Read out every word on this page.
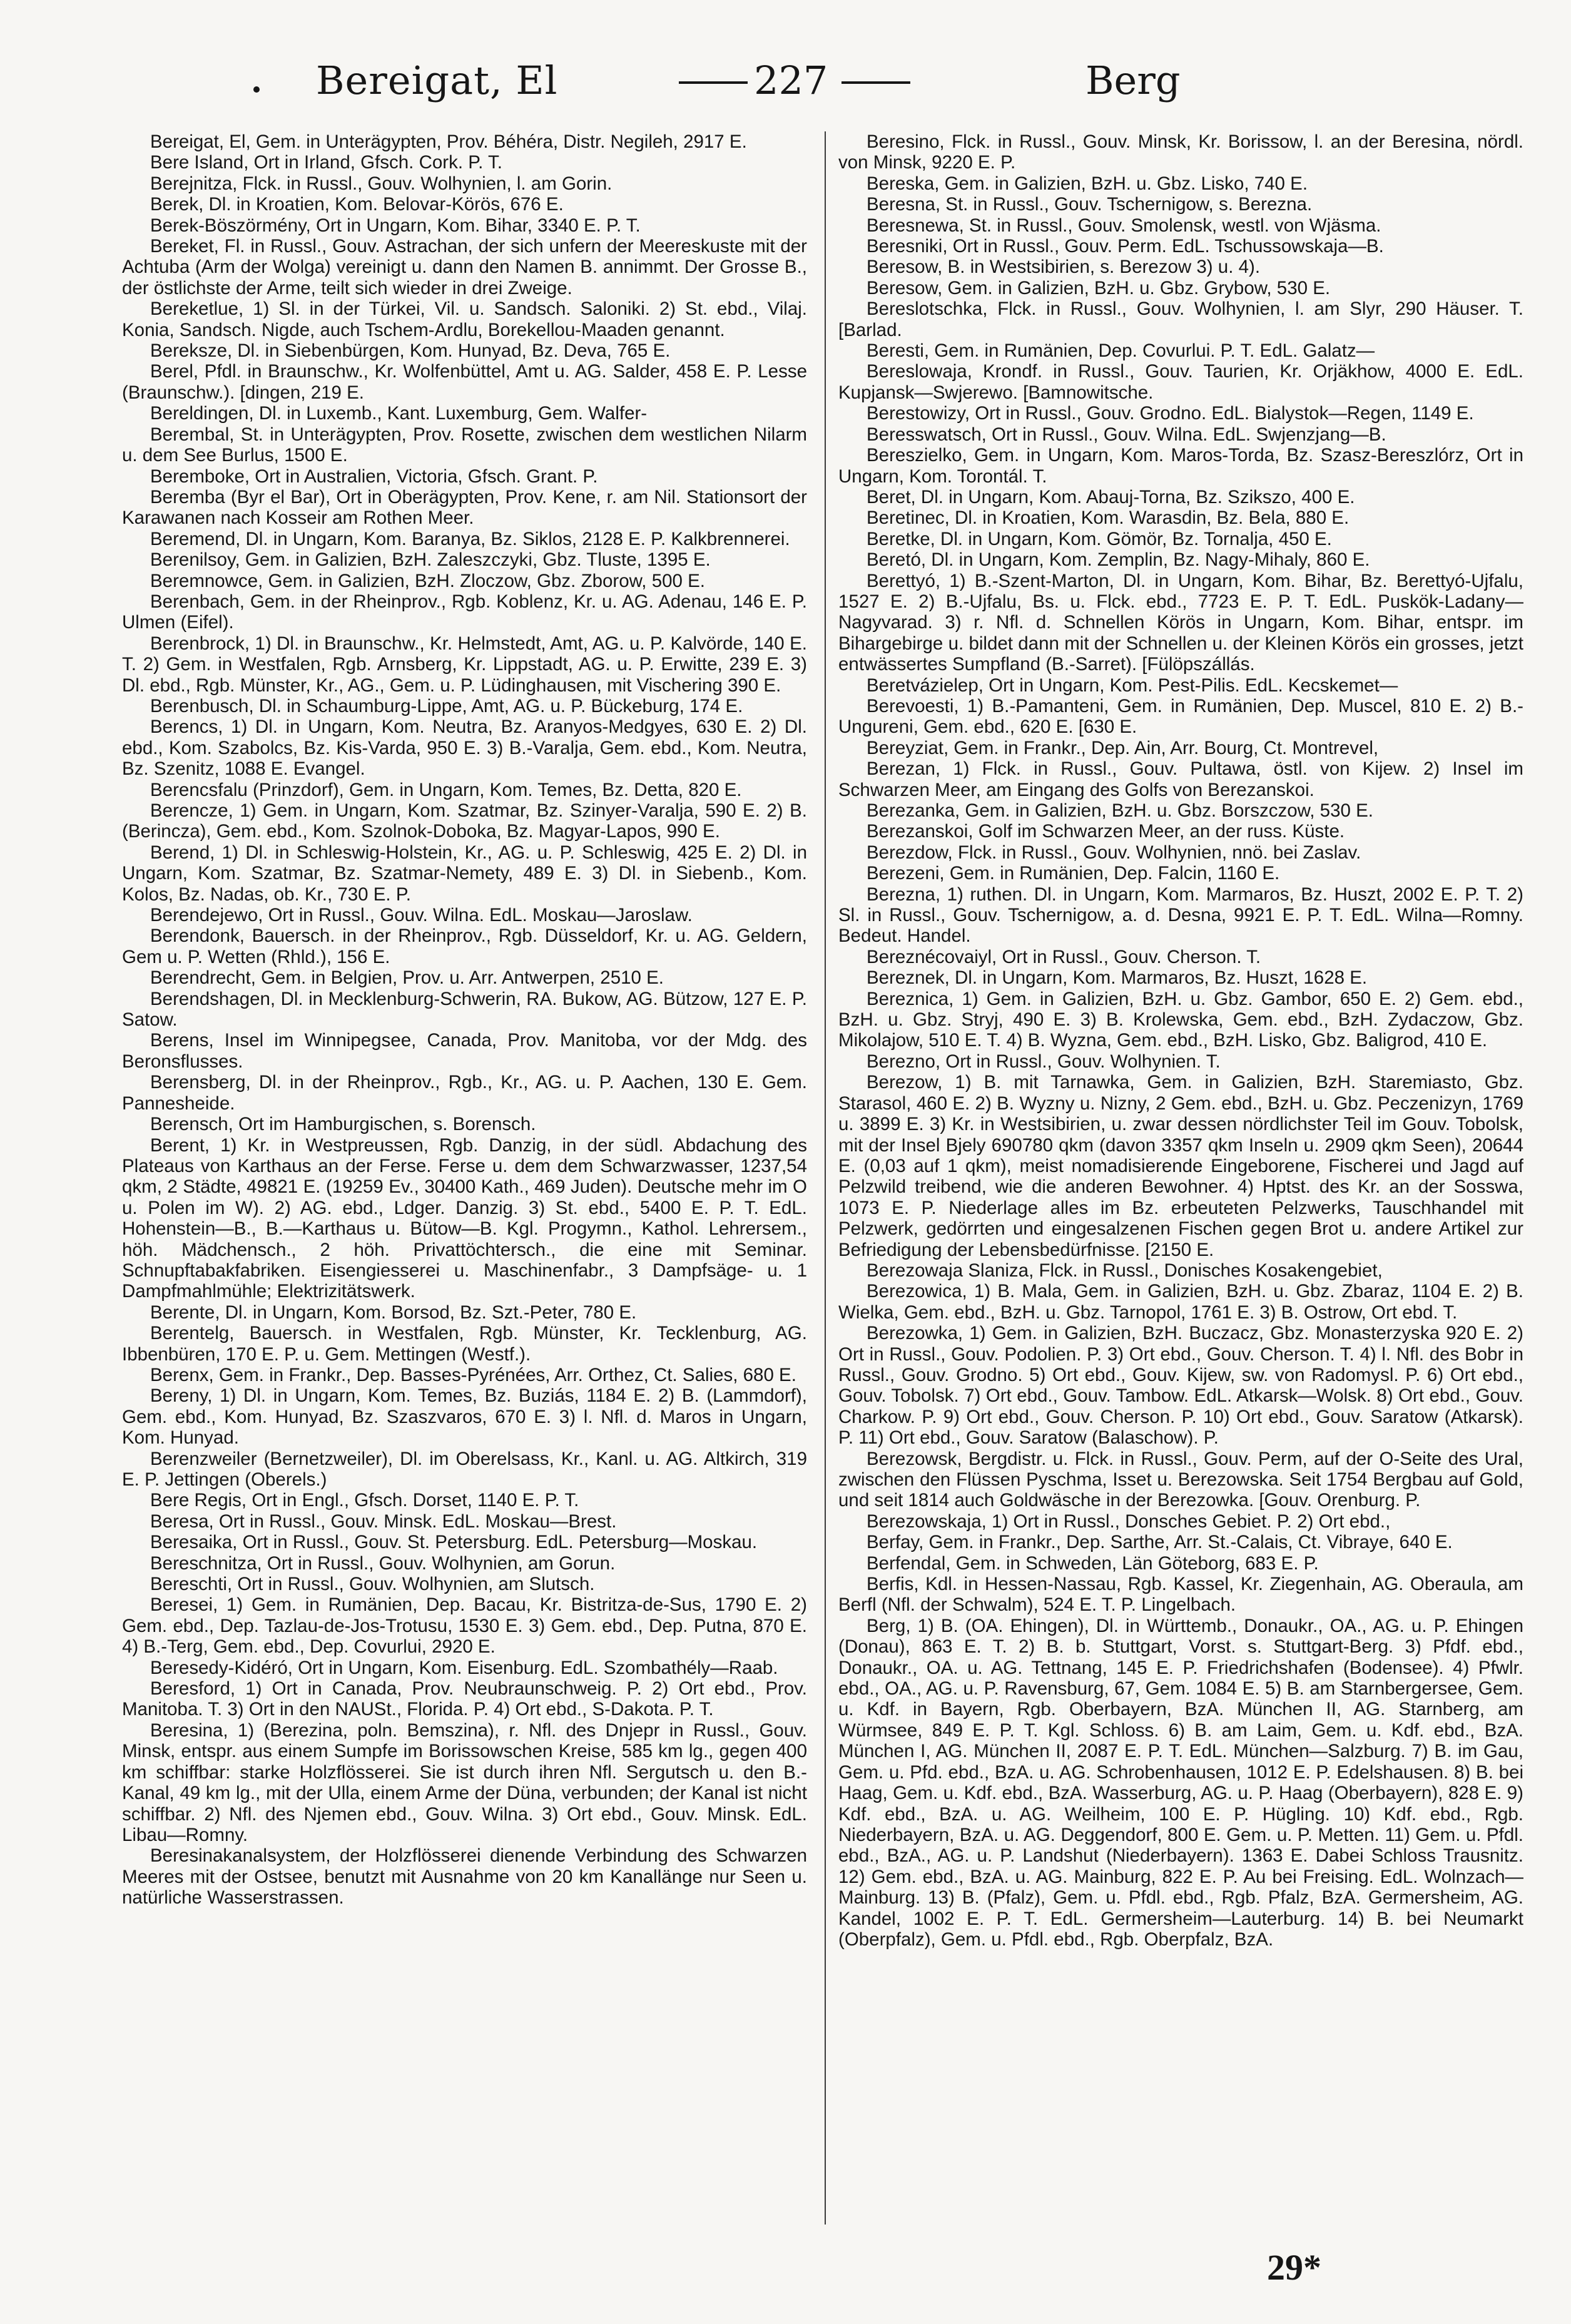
Bereigat, El	227	Berg

Bereigat, El, Gem. in Unterägypten, Prov. Béhéra, Distr. Negileh, 2917 E.

Bere Island, Ort in Irland, Gfsch. Cork. P. T.

Berejnitza, Flck. in Russl., Gouv. Wolhynien, l. am Gorin.

Berek, Dl. in Kroatien, Kom. Belovar-Körös, 676 E.

Berek-Böszörmény, Ort in Ungarn, Kom. Bihar, 3340 E. P. T.

Bereket, Fl. in Russl., Gouv. Astrachan, der sich unfern der Meereskuste mit der Achtuba (Arm der Wolga) vereinigt u. dann den Namen B. annimmt. Der Grosse B., der östlichste der Arme, teilt sich wieder in drei Zweige.

Bereketlue, 1) Sl. in der Türkei, Vil. u. Sandsch. Saloniki. 2) St. ebd., Vilaj. Konia, Sandsch. Nigde, auch Tschem-Ardlu, Borekellou-Maaden genannt.

Bereksze, Dl. in Siebenbürgen, Kom. Hunyad, Bz. Deva, 765 E.

Berel, Pfdl. in Braunschw., Kr. Wolfenbüttel, Amt u. AG. Salder, 458 E. P. Lesse (Braunschw.). [dingen, 219 E.

Bereldingen, Dl. in Luxemb., Kant. Luxemburg, Gem. Walfer-

Berembal, St. in Unterägypten, Prov. Rosette, zwischen dem westlichen Nilarm u. dem See Burlus, 1500 E.

Beremboke, Ort in Australien, Victoria, Gfsch. Grant. P.

Beremba (Byr el Bar), Ort in Oberägypten, Prov. Kene, r. am Nil. Stationsort der Karawanen nach Kosseir am Rothen Meer.

Beremend, Dl. in Ungarn, Kom. Baranya, Bz. Siklos, 2128 E. P. Kalkbrennerei.

Berenilsoy, Gem. in Galizien, BzH. Zaleszczyki, Gbz. Tluste, 1395 E.

Beremnowce, Gem. in Galizien, BzH. Zloczow, Gbz. Zborow, 500 E.

Berenbach, Gem. in der Rheinprov., Rgb. Koblenz, Kr. u. AG. Adenau, 146 E. P. Ulmen (Eifel).

Berenbrock, 1) Dl. in Braunschw., Kr. Helmstedt, Amt, AG. u. P. Kalvörde, 140 E. T. 2) Gem. in Westfalen, Rgb. Arnsberg, Kr. Lippstadt, AG. u. P. Erwitte, 239 E. 3) Dl. ebd., Rgb. Münster, Kr., AG., Gem. u. P. Lüdinghausen, mit Vischering 390 E.

Berenbusch, Dl. in Schaumburg-Lippe, Amt, AG. u. P. Bückeburg, 174 E.

Berencs, 1) Dl. in Ungarn, Kom. Neutra, Bz. Aranyos-Medgyes, 630 E. 2) Dl. ebd., Kom. Szabolcs, Bz. Kis-Varda, 950 E. 3) B.-Varalja, Gem. ebd., Kom. Neutra, Bz. Szenitz, 1088 E. Evangel.

Berencsfalu (Prinzdorf), Gem. in Ungarn, Kom. Temes, Bz. Detta, 820 E.

Berencze, 1) Gem. in Ungarn, Kom. Szatmar, Bz. Szinyer-Varalja, 590 E. 2) B. (Berincza), Gem. ebd., Kom. Szolnok-Doboka, Bz. Magyar-Lapos, 990 E.

Berend, 1) Dl. in Schleswig-Holstein, Kr., AG. u. P. Schleswig, 425 E. 2) Dl. in Ungarn, Kom. Szatmar, Bz. Szatmar-Nemety, 489 E. 3) Dl. in Siebenb., Kom. Kolos, Bz. Nadas, ob. Kr., 730 E. P.

Berendejewo, Ort in Russl., Gouv. Wilna. EdL. Moskau—Jaroslaw.

Berendonk, Bauersch. in der Rheinprov., Rgb. Düsseldorf, Kr. u. AG. Geldern, Gem u. P. Wetten (Rhld.), 156 E.

Berendrecht, Gem. in Belgien, Prov. u. Arr. Antwerpen, 2510 E.

Berendshagen, Dl. in Mecklenburg-Schwerin, RA. Bukow, AG. Bützow, 127 E. P. Satow.

Berens, Insel im Winnipegsee, Canada, Prov. Manitoba, vor der Mdg. des Beronsflusses.

Berensberg, Dl. in der Rheinprov., Rgb., Kr., AG. u. P. Aachen, 130 E. Gem. Pannesheide.

Berensch, Ort im Hamburgischen, s. Borensch.

Berent, 1) Kr. in Westpreussen, Rgb. Danzig, in der südl. Abdachung des Plateaus von Karthaus an der Ferse. Ferse u. dem dem Schwarzwasser, 1237,54 qkm, 2 Städte, 49821 E. (19259 Ev., 30400 Kath., 469 Juden). Deutsche mehr im O u. Polen im W). 2) AG. ebd., Ldger. Danzig. 3) St. ebd., 5400 E. P. T. EdL. Hohenstein—B., B.—Karthaus u. Bütow—B. Kgl. Progymn., Kathol. Lehrersem., höh. Mädchensch., 2 höh. Privattöchtersch., die eine mit Seminar. Schnupftabakfabriken. Eisengiesserei u. Maschinenfabr., 3 Dampfsäge- u. 1 Dampfmahlmühle; Elektrizitätswerk.

Berente, Dl. in Ungarn, Kom. Borsod, Bz. Szt.-Peter, 780 E.

Berentelg, Bauersch. in Westfalen, Rgb. Münster, Kr. Tecklenburg, AG. Ibbenbüren, 170 E. P. u. Gem. Mettingen (Westf.).

Berenx, Gem. in Frankr., Dep. Basses-Pyrénées, Arr. Orthez, Ct. Salies, 680 E.

Bereny, 1) Dl. in Ungarn, Kom. Temes, Bz. Buziás, 1184 E. 2) B. (Lammdorf), Gem. ebd., Kom. Hunyad, Bz. Szaszvaros, 670 E. 3) l. Nfl. d. Maros in Ungarn, Kom. Hunyad.

Berenzweiler (Bernetzweiler), Dl. im Oberelsass, Kr., Kanl. u. AG. Altkirch, 319 E. P. Jettingen (Oberels.)

Bere Regis, Ort in Engl., Gfsch. Dorset, 1140 E. P. T.

Beresa, Ort in Russl., Gouv. Minsk. EdL. Moskau—Brest.

Beresaika, Ort in Russl., Gouv. St. Petersburg. EdL. Petersburg—Moskau.

Bereschnitza, Ort in Russl., Gouv. Wolhynien, am Gorun.

Bereschti, Ort in Russl., Gouv. Wolhynien, am Slutsch.

Beresei, 1) Gem. in Rumänien, Dep. Bacau, Kr. Bistritza-de-Sus, 1790 E. 2) Gem. ebd., Dep. Tazlau-de-Jos-Trotusu, 1530 E. 3) Gem. ebd., Dep. Putna, 870 E. 4) B.-Terg, Gem. ebd., Dep. Covurlui, 2920 E.

Beresedy-Kidéró, Ort in Ungarn, Kom. Eisenburg. EdL. Szombathély—Raab.

Beresford, 1) Ort in Canada, Prov. Neubraunschweig. P. 2) Ort ebd., Prov. Manitoba. T. 3) Ort in den NAUSt., Florida. P. 4) Ort ebd., S-Dakota. P. T.

Beresina, 1) (Berezina, poln. Bemszina), r. Nfl. des Dnjepr in Russl., Gouv. Minsk, entspr. aus einem Sumpfe im Borissowschen Kreise, 585 km lg., gegen 400 km schiffbar: starke Holzflösserei. Sie ist durch ihren Nfl. Sergutsch u. den B.-Kanal, 49 km lg., mit der Ulla, einem Arme der Düna, verbunden; der Kanal ist nicht schiffbar. 2) Nfl. des Njemen ebd., Gouv. Wilna. 3) Ort ebd., Gouv. Minsk. EdL. Libau—Romny.

Beresinakanalsystem, der Holzflösserei dienende Verbindung des Schwarzen Meeres mit der Ostsee, benutzt mit Ausnahme von 20 km Kanallänge nur Seen u. natürliche Wasserstrassen.

Beresino, Flck. in Russl., Gouv. Minsk, Kr. Borissow, l. an der Beresina, nördl. von Minsk, 9220 E. P.

Bereska, Gem. in Galizien, BzH. u. Gbz. Lisko, 740 E.

Beresna, St. in Russl., Gouv. Tschernigow, s. Berezna.

Beresnewa, St. in Russl., Gouv. Smolensk, westl. von Wjäsma.

Beresniki, Ort in Russl., Gouv. Perm. EdL. Tschussowskaja—B.

Beresow, B. in Westsibirien, s. Berezow 3) u. 4).

Beresow, Gem. in Galizien, BzH. u. Gbz. Grybow, 530 E.

Bereslotschka, Flck. in Russl., Gouv. Wolhynien, l. am Slyr, 290 Häuser. T. [Barlad.

Beresti, Gem. in Rumänien, Dep. Covurlui. P. T. EdL. Galatz—

Bereslowaja, Krondf. in Russl., Gouv. Taurien, Kr. Orjäkhow, 4000 E. EdL. Kupjansk—Swjerewo. [Bamnowitsche.

Berestowizy, Ort in Russl., Gouv. Grodno. EdL. Bialystok—Regen, 1149 E.

Beresswatsch, Ort in Russl., Gouv. Wilna. EdL. Swjenzjang—B.

Bereszielko, Gem. in Ungarn, Kom. Maros-Torda, Bz. Szasz-Bereszlórz, Ort in Ungarn, Kom. Torontál. T.

Beret, Dl. in Ungarn, Kom. Abauj-Torna, Bz. Szikszo, 400 E.

Beretinec, Dl. in Kroatien, Kom. Warasdin, Bz. Bela, 880 E.

Beretke, Dl. in Ungarn, Kom. Gömör, Bz. Tornalja, 450 E.

Beretó, Dl. in Ungarn, Kom. Zemplin, Bz. Nagy-Mihaly, 860 E.

Berettyó, 1) B.-Szent-Marton, Dl. in Ungarn, Kom. Bihar, Bz. Berettyó-Ujfalu, 1527 E. 2) B.-Ujfalu, Bs. u. Flck. ebd., 7723 E. P. T. EdL. Puskök-Ladany—Nagyvarad. 3) r. Nfl. d. Schnellen Körös in Ungarn, Kom. Bihar, entspr. im Bihargebirge u. bildet dann mit der Schnellen u. der Kleinen Körös ein grosses, jetzt entwässertes Sumpfland (B.-Sarret). [Fülöpszállás.

Beretvázielep, Ort in Ungarn, Kom. Pest-Pilis. EdL. Kecskemet—

Berevoesti, 1) B.-Pamanteni, Gem. in Rumänien, Dep. Muscel, 810 E. 2) B.-Ungureni, Gem. ebd., 620 E. [630 E.

Bereyziat, Gem. in Frankr., Dep. Ain, Arr. Bourg, Ct. Montrevel,

Berezan, 1) Flck. in Russl., Gouv. Pultawa, östl. von Kijew. 2) Insel im Schwarzen Meer, am Eingang des Golfs von Berezanskoi.

Berezanka, Gem. in Galizien, BzH. u. Gbz. Borszczow, 530 E.

Berezanskoi, Golf im Schwarzen Meer, an der russ. Küste.

Berezdow, Flck. in Russl., Gouv. Wolhynien, nnö. bei Zaslav.

Berezeni, Gem. in Rumänien, Dep. Falcin, 1160 E.

Berezna, 1) ruthen. Dl. in Ungarn, Kom. Marmaros, Bz. Huszt, 2002 E. P. T. 2) Sl. in Russl., Gouv. Tschernigow, a. d. Desna, 9921 E. P. T. EdL. Wilna—Romny. Bedeut. Handel.

Bereznécovaiyl, Ort in Russl., Gouv. Cherson. T.

Bereznek, Dl. in Ungarn, Kom. Marmaros, Bz. Huszt, 1628 E.

Bereznica, 1) Gem. in Galizien, BzH. u. Gbz. Gambor, 650 E. 2) Gem. ebd., BzH. u. Gbz. Stryj, 490 E. 3) B. Krolewska, Gem. ebd., BzH. Zydaczow, Gbz. Mikolajow, 510 E. T. 4) B. Wyzna, Gem. ebd., BzH. Lisko, Gbz. Baligrod, 410 E.

Berezno, Ort in Russl., Gouv. Wolhynien. T.

Berezow, 1) B. mit Tarnawka, Gem. in Galizien, BzH. Staremiasto, Gbz. Starasol, 460 E. 2) B. Wyzny u. Nizny, 2 Gem. ebd., BzH. u. Gbz. Peczenizyn, 1769 u. 3899 E. 3) Kr. in Westsibirien, u. zwar dessen nördlichster Teil im Gouv. Tobolsk, mit der Insel Bjely 690780 qkm (davon 3357 qkm Inseln u. 2909 qkm Seen), 20644 E. (0,03 auf 1 qkm), meist nomadisierende Eingeborene, Fischerei und Jagd auf Pelzwild treibend, wie die anderen Bewohner. 4) Hptst. des Kr. an der Sosswa, 1073 E. P. Niederlage alles im Bz. erbeuteten Pelzwerks, Tauschhandel mit Pelzwerk, gedörrten und eingesalzenen Fischen gegen Brot u. andere Artikel zur Befriedigung der Lebensbedürfnisse. [2150 E.

Berezowaja Slaniza, Flck. in Russl., Donisches Kosakengebiet,

Berezowica, 1) B. Mala, Gem. in Galizien, BzH. u. Gbz. Zbaraz, 1104 E. 2) B. Wielka, Gem. ebd., BzH. u. Gbz. Tarnopol, 1761 E. 3) B. Ostrow, Ort ebd. T.

Berezowka, 1) Gem. in Galizien, BzH. Buczacz, Gbz. Monasterzyska 920 E. 2) Ort in Russl., Gouv. Podolien. P. 3) Ort ebd., Gouv. Cherson. T. 4) l. Nfl. des Bobr in Russl., Gouv. Grodno. 5) Ort ebd., Gouv. Kijew, sw. von Radomysl. P. 6) Ort ebd., Gouv. Tobolsk. 7) Ort ebd., Gouv. Tambow. EdL. Atkarsk—Wolsk. 8) Ort ebd., Gouv. Charkow. P. 9) Ort ebd., Gouv. Cherson. P. 10) Ort ebd., Gouv. Saratow (Atkarsk). P. 11) Ort ebd., Gouv. Saratow (Balaschow). P.

Berezowsk, Bergdistr. u. Flck. in Russl., Gouv. Perm, auf der O-Seite des Ural, zwischen den Flüssen Pyschma, Isset u. Berezowska. Seit 1754 Bergbau auf Gold, und seit 1814 auch Goldwäsche in der Berezowka. [Gouv. Orenburg. P.

Berezowskaja, 1) Ort in Russl., Donsches Gebiet. P. 2) Ort ebd.,

Berfay, Gem. in Frankr., Dep. Sarthe, Arr. St.-Calais, Ct. Vibraye, 640 E.

Berfendal, Gem. in Schweden, Län Göteborg, 683 E. P.

Berfis, Kdl. in Hessen-Nassau, Rgb. Kassel, Kr. Ziegenhain, AG. Oberaula, am Berfl (Nfl. der Schwalm), 524 E. T. P. Lingelbach.

Berg, 1) B. (OA. Ehingen), Dl. in Württemb., Donaukr., OA., AG. u. P. Ehingen (Donau), 863 E. T. 2) B. b. Stuttgart, Vorst. s. Stuttgart-Berg. 3) Pfdf. ebd., Donaukr., OA. u. AG. Tettnang, 145 E. P. Friedrichshafen (Bodensee). 4) Pfwlr. ebd., OA., AG. u. P. Ravensburg, 67, Gem. 1084 E. 5) B. am Starnbergersee, Gem. u. Kdf. in Bayern, Rgb. Oberbayern, BzA. München II, AG. Starnberg, am Würmsee, 849 E. P. T. Kgl. Schloss. 6) B. am Laim, Gem. u. Kdf. ebd., BzA. München I, AG. München II, 2087 E. P. T. EdL. München—Salzburg. 7) B. im Gau, Gem. u. Pfd. ebd., BzA. u. AG. Schrobenhausen, 1012 E. P. Edelshausen. 8) B. bei Haag, Gem. u. Kdf. ebd., BzA. Wasserburg, AG. u. P. Haag (Oberbayern), 828 E. 9) Kdf. ebd., BzA. u. AG. Weilheim, 100 E. P. Hügling. 10) Kdf. ebd., Rgb. Niederbayern, BzA. u. AG. Deggendorf, 800 E. Gem. u. P. Metten. 11) Gem. u. Pfdl. ebd., BzA., AG. u. P. Landshut (Niederbayern). 1363 E. Dabei Schloss Trausnitz. 12) Gem. ebd., BzA. u. AG. Mainburg, 822 E. P. Au bei Freising. EdL. Wolnzach—Mainburg. 13) B. (Pfalz), Gem. u. Pfdl. ebd., Rgb. Pfalz, BzA. Germersheim, AG. Kandel, 1002 E. P. T. EdL. Germersheim—Lauterburg. 14) B. bei Neumarkt (Oberpfalz), Gem. u. Pfdl. ebd., Rgb. Oberpfalz, BzA.

29*
